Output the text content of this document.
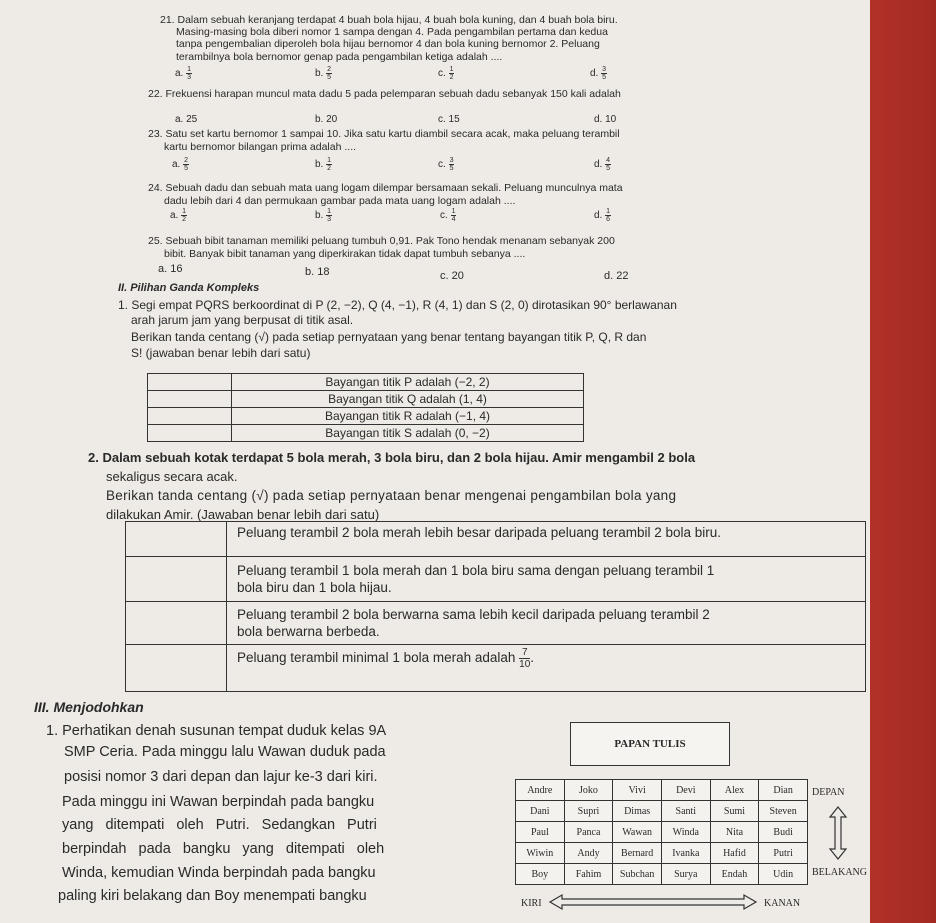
21. Dalam sebuah keranjang terdapat 4 buah bola hijau, 4 buah bola kuning, dan 4 buah bola biru.
Masing-masing bola diberi nomor 1 sampa dengan 4. Pada pengambilan pertama dan kedua
tanpa pengembalian diperoleh bola hijau bernomor 4 dan bola kuning bernomor 2. Peluang
terambilnya bola bernomor genap pada pengambilan ketiga adalah ....
a. $\frac{1}{3}$	b. $\frac{2}{5}$	c. $\frac{1}{2}$	d. $\frac{3}{5}$
22. Frekuensi harapan muncul mata dadu 5 pada pelemparan sebuah dadu sebanyak 150 kali adalah
a. 25	b. 20	c. 15	d. 10
23. Satu set kartu bernomor 1 sampai 10. Jika satu kartu diambil secara acak, maka peluang terambil
kartu bernomor bilangan prima adalah ....
a. $\frac{2}{5}$	b. $\frac{1}{2}$	c. $\frac{3}{5}$	d. $\frac{4}{5}$
24. Sebuah dadu dan sebuah mata uang logam dilempar bersamaan sekali. Peluang munculnya mata
dadu lebih dari 4 dan permukaan gambar pada mata uang logam adalah ....
a. $\frac{1}{2}$	b. $\frac{1}{3}$	c. $\frac{1}{4}$	d. $\frac{1}{6}$
25. Sebuah bibit tanaman memiliki peluang tumbuh 0,91. Pak Tono hendak menanam sebanyak 200
bibit. Banyak bibit tanaman yang diperkirakan tidak dapat tumbuh sebanya ....
a. 16	b. 18	c. 20	d. 22
II. Pilihan Ganda Kompleks
1. Segi empat PQRS berkoordinat di P (2, −2), Q (4, −1), R (4, 1) dan S (2, 0) dirotasikan 90° berlawanan
arah jarum jam yang berpusat di titik asal.
Berikan tanda centang (√) pada setiap pernyataan yang benar tentang bayangan titik P, Q, R dan
S! (jawaban benar lebih dari satu)
	Bayangan titik P adalah (−2, 2)
	Bayangan titik Q adalah (1, 4)
	Bayangan titik R adalah (−1, 4)
	Bayangan titik S adalah (0, −2)
2. Dalam sebuah kotak terdapat 5 bola merah, 3 bola biru, dan 2 bola hijau. Amir mengambil 2 bola
sekaligus secara acak.
Berikan tanda centang (√) pada setiap pernyataan benar mengenai pengambilan bola yang
dilakukan Amir. (Jawaban benar lebih dari satu)
	Peluang terambil 2 bola merah lebih besar daripada peluang terambil 2 bola biru.

	Peluang terambil 1 bola merah dan 1 bola biru sama dengan peluang terambil 1
bola biru dan 1 bola hijau.

	Peluang terambil 2 bola berwarna sama lebih kecil daripada peluang terambil 2
bola berwarna berbeda.

	Peluang terambil minimal 1 bola merah adalah $\frac{7}{10}$ .
III. Menjodohkan
1. Perhatikan denah susunan tempat duduk kelas 9A
SMP Ceria. Pada minggu lalu Wawan duduk pada
posisi nomor 3 dari depan dan lajur ke-3 dari kiri.
Pada minggu ini Wawan berpindah pada bangku
yang ditempati oleh Putri. Sedangkan Putri
berpindah pada bangku yang ditempati oleh
Winda, kemudian Winda berpindah pada bangku
paling kiri belakang dan Boy menempati bangku
PAPAN TULIS
Andre	Joko	Vivi	Devi	Alex	Dian
Dani	Supri	Dimas	Santi	Sumi	Steven
Paul	Panca	Wawan	Winda	Nita	Budi
Wiwin	Andy	Bernard	Ivanka	Hafid	Putri
Boy	Fahim	Subchan	Surya	Endah	Udin
DEPAN
BELAKANG
KIRI	KANAN
